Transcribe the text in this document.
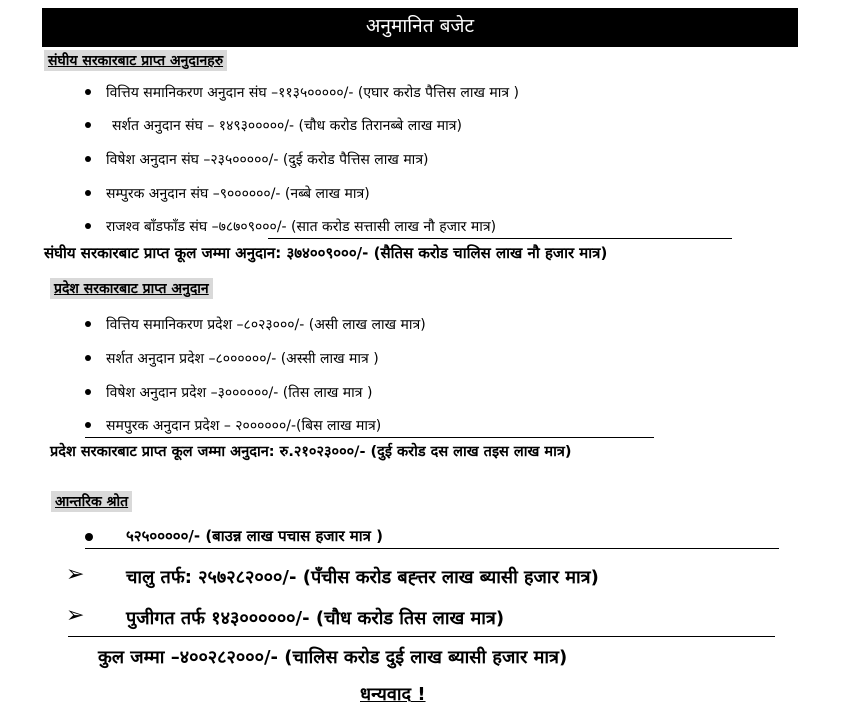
अनुमानित बजेट
संघीय सरकारबाट प्राप्त अनुदानहरु
वित्तिय समानिकरण अनुदान संघ –११३५०००००/- (एघार करोड पैत्तिस लाख मात्र )
सर्शत अनुदान संघ – १४९३०००००/- (चौध करोड तिरानब्बे लाख मात्र)
विषेश अनुदान संघ –२३५०००००/- (दुई करोड पैत्तिस लाख मात्र)
सम्पुरक अनुदान संघ –९००००००/- (नब्बे लाख मात्र)
राजश्व बाँडफाँड संघ –७८७०९०००/- (सात करोड सत्तासी लाख नौ हजार मात्र)
संघीय सरकारबाट प्राप्त कूल जम्मा अनुदान: ३७४००९०००/- (सैतिस करोड चालिस लाख नौ हजार मात्र)
प्रदेश सरकारबाट प्राप्त अनुदान
वित्तिय समानिकरण प्रदेश –८०२३०००/- (असी लाख लाख मात्र)
सर्शत अनुदान प्रदेश –८००००००/- (अस्सी लाख मात्र )
विषेश अनुदान प्रदेश –३००००००/- (तिस लाख मात्र )
समपुरक अनुदान प्रदेश – २००००००/-(बिस लाख मात्र)
प्रदेश सरकारबाट प्राप्त कूल जम्मा अनुदान: रु.२१०२३०००/- (दुई करोड दस लाख तइस लाख मात्र)
आन्तरिक श्रोत
५२५०००००/- (बाउन्न लाख पचास हजार मात्र )
➢ चालु तर्फ: २५७२८२०००/- (पँचीस करोड बह्त्तर लाख ब्यासी हजार मात्र)
➢ पुजीगत तर्फ १४३००००००/- (चौध करोड तिस लाख मात्र)
कुल जम्मा –४००२८२०००/- (चालिस करोड दुई लाख ब्यासी हजार मात्र)
धन्यवाद !
